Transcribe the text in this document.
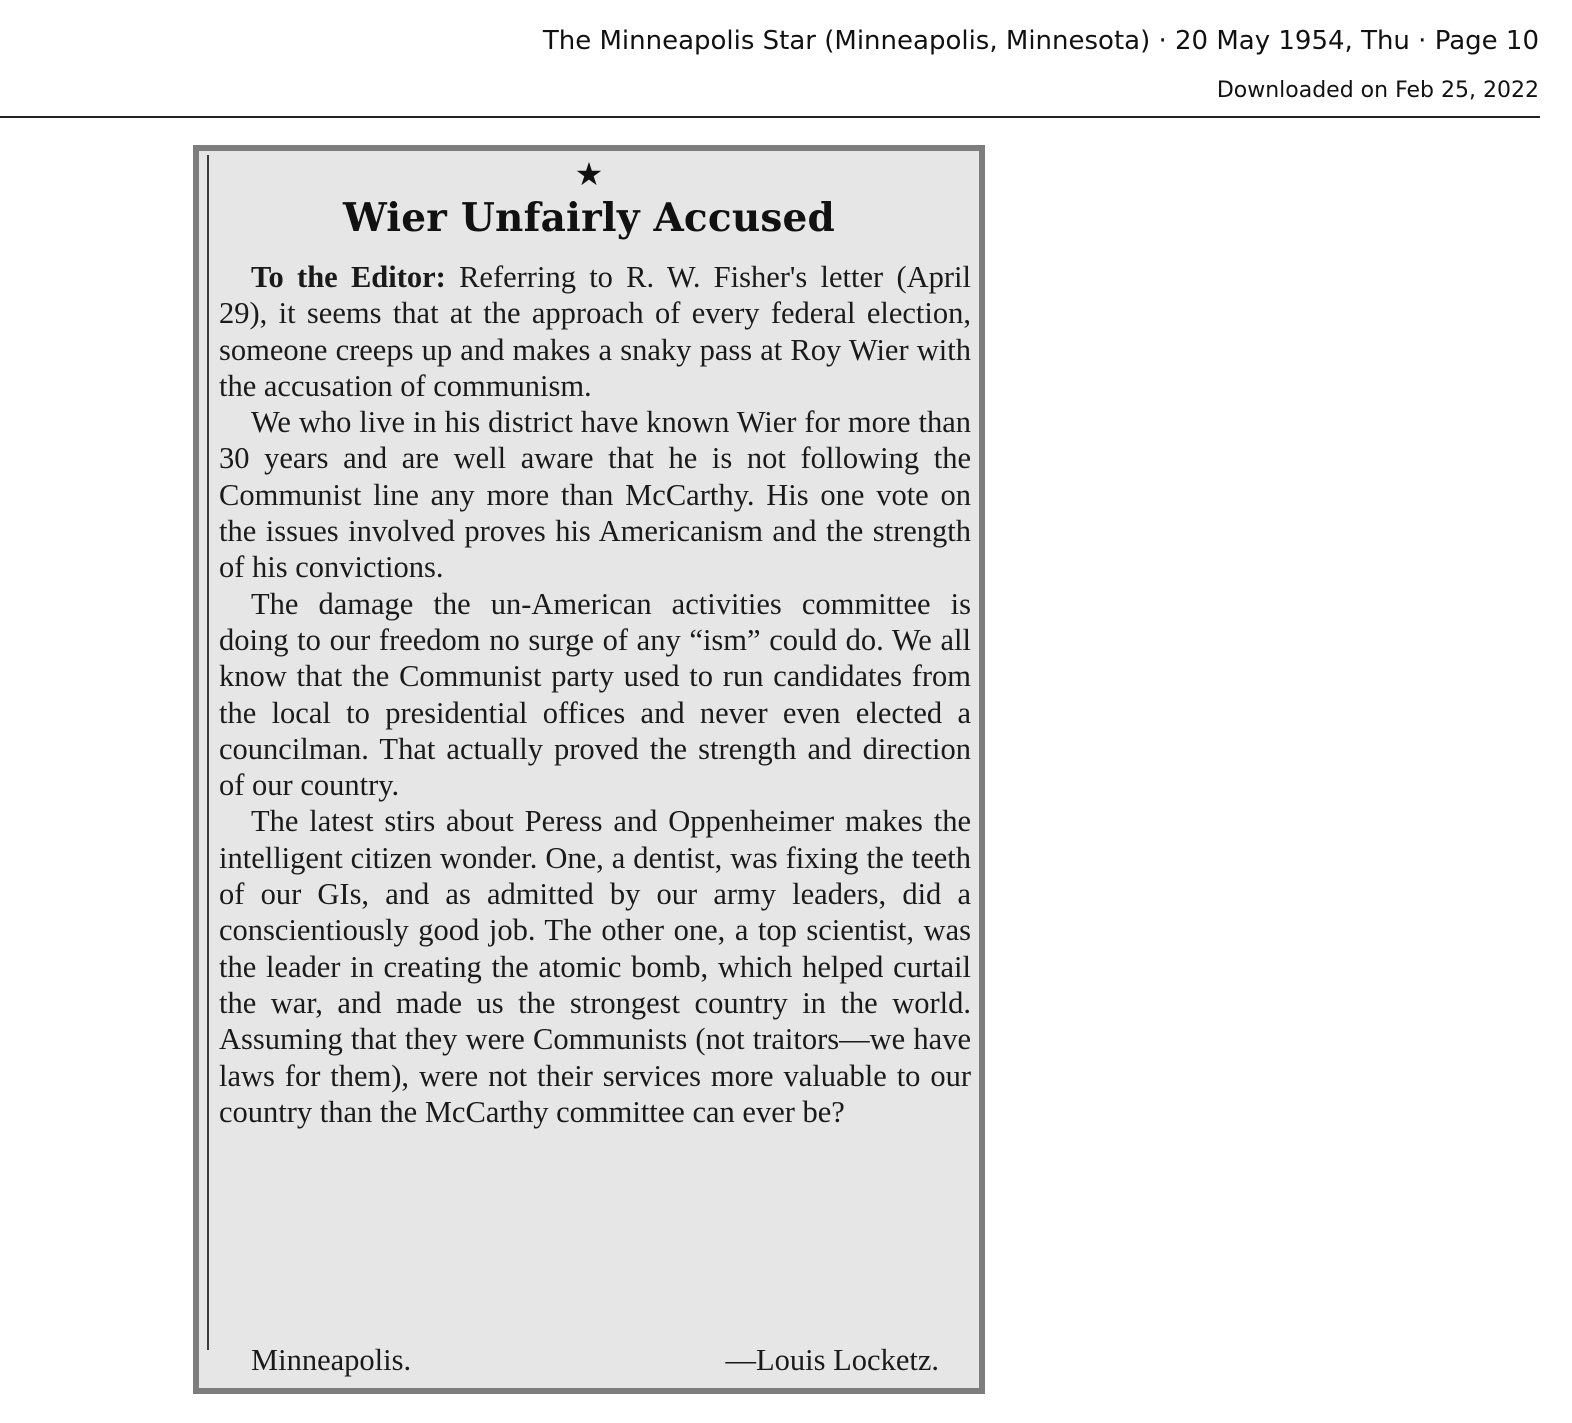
The Minneapolis Star (Minneapolis, Minnesota) · 20 May 1954, Thu · Page 10
Downloaded on Feb 25, 2022
★
Wier Unfairly Accused

To the Editor: Referring to R. W. Fisher's letter (April 29), it seems that at the approach of every federal election, someone creeps up and makes a snaky pass at Roy Wier with the accusation of communism.

We who live in his district have known Wier for more than 30 years and are well aware that he is not following the Communist line any more than McCarthy. His one vote on the issues involved proves his Americanism and the strength of his convictions.

The damage the un-American activities committee is doing to our freedom no surge of any “ism” could do. We all know that the Communist party used to run candidates from the local to presidential offices and never even elected a councilman. That actually proved the strength and direction of our country.

The latest stirs about Peress and Oppenheimer makes the intelligent citizen wonder. One, a dentist, was fixing the teeth of our GIs, and as admitted by our army leaders, did a conscientiously good job. The other one, a top scientist, was the leader in creating the atomic bomb, which helped curtail the war, and made us the strongest country in the world. Assuming that they were Communists (not traitors—we have laws for them), were not their services more valuable to our country than the McCarthy committee can ever be?

Minneapolis.	—Louis Locketz.
